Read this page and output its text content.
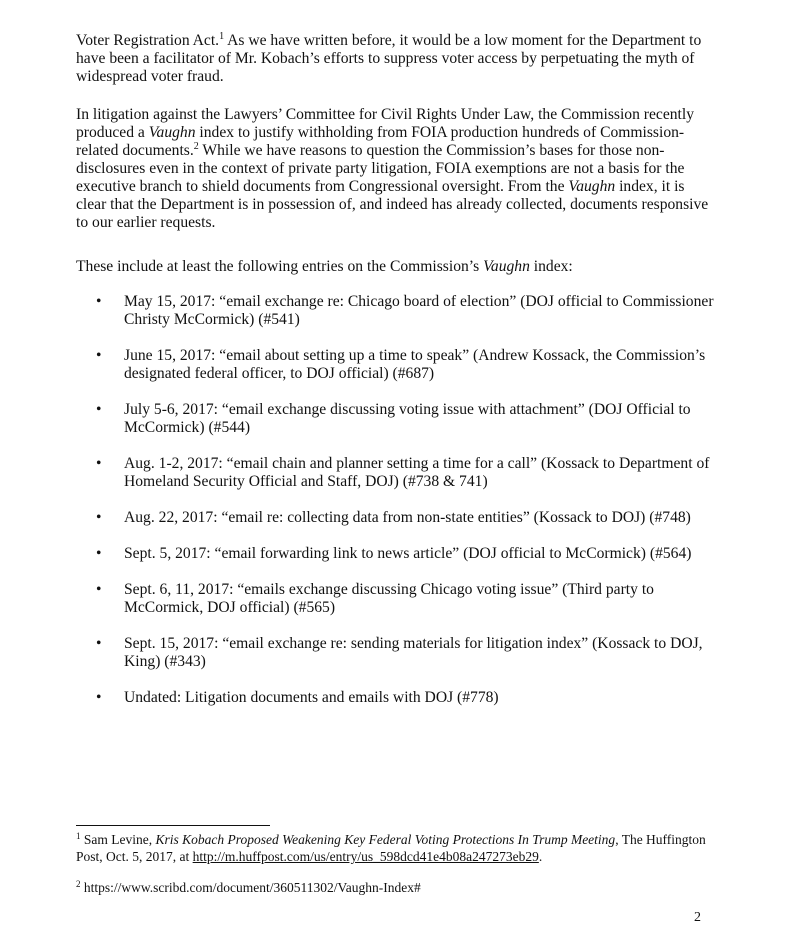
Voter Registration Act.$^1$ As we have written before, it would be a low moment for the Department to have been a facilitator of Mr. Kobach’s efforts to suppress voter access by perpetuating the myth of widespread voter fraud.

In litigation against the Lawyers’ Committee for Civil Rights Under Law, the Commission recently produced a Vaughn index to justify withholding from FOIA production hundreds of Commission-related documents.$^2$ While we have reasons to question the Commission’s bases for those non-disclosures even in the context of private party litigation, FOIA exemptions are not a basis for the executive branch to shield documents from Congressional oversight. From the Vaughn index, it is clear that the Department is in possession of, and indeed has already collected, documents responsive to our earlier requests.

These include at least the following entries on the Commission’s Vaughn index:

• May 15, 2017: “email exchange re: Chicago board of election” (DOJ official to Commissioner Christy McCormick) (#541)
• June 15, 2017: “email about setting up a time to speak” (Andrew Kossack, the Commission’s designated federal officer, to DOJ official) (#687)
• July 5-6, 2017: “email exchange discussing voting issue with attachment” (DOJ Official to McCormick) (#544)
• Aug. 1-2, 2017: “email chain and planner setting a time for a call” (Kossack to Department of Homeland Security Official and Staff, DOJ) (#738 & 741)
• Aug. 22, 2017: “email re: collecting data from non-state entities” (Kossack to DOJ) (#748)
• Sept. 5, 2017: “email forwarding link to news article” (DOJ official to McCormick) (#564)
• Sept. 6, 11, 2017: “emails exchange discussing Chicago voting issue” (Third party to McCormick, DOJ official) (#565)
• Sept. 15, 2017: “email exchange re: sending materials for litigation index” (Kossack to DOJ, King) (#343)
• Undated: Litigation documents and emails with DOJ (#778)

$^1$ Sam Levine, Kris Kobach Proposed Weakening Key Federal Voting Protections In Trump Meeting, The Huffington Post, Oct. 5, 2017, at http://m.huffpost.com/us/entry/us_598dcd41e4b08a247273eb29.

$^2$ https://www.scribd.com/document/360511302/Vaughn-Index#

2
